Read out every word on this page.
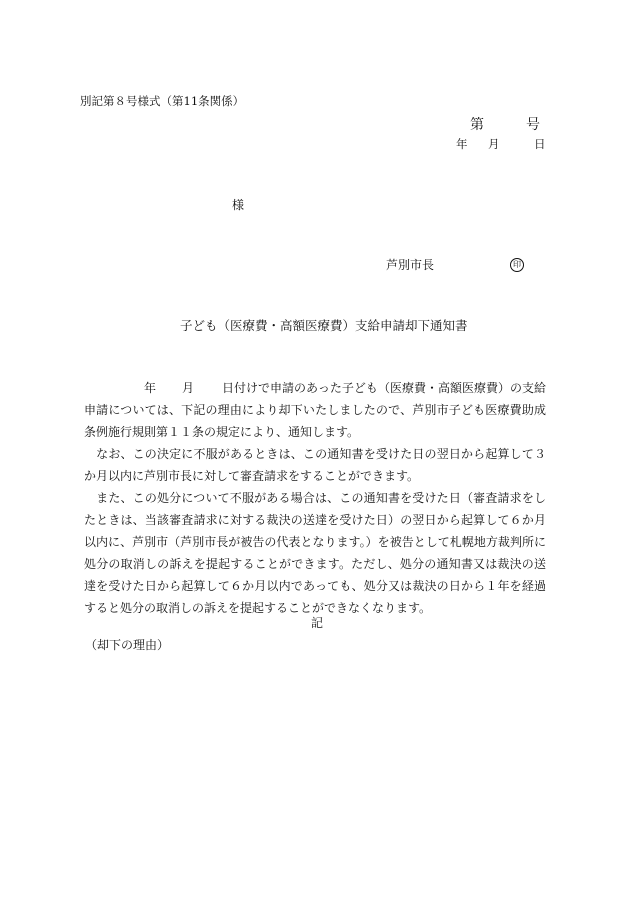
別記第８号様式（第11条関係）
第	号
年 月	日
様
芦別市長	印
子ども（医療費・高額医療費）支給申請却下通知書

年 月 日付けで申請のあった子ども（医療費・高額医療費）の支給申請については、下記の理由により却下いたしましたので、芦別市子ども医療費助成条例施行規則第１１条の規定により、通知します。

　なお、この決定に不服があるときは、この通知書を受けた日の翌日から起算して３か月以内に芦別市長に対して審査請求をすることができます。

　また、この処分について不服がある場合は、この通知書を受けた日（審査請求をしたときは、当該審査請求に対する裁決の送達を受けた日）の翌日から起算して６か月以内に、芦別市（芦別市長が被告の代表となります。）を被告として札幌地方裁判所に処分の取消しの訴えを提起することができます。ただし、処分の通知書又は裁決の送達を受けた日から起算して６か月以内であっても、処分又は裁決の日から１年を経過すると処分の取消しの訴えを提起することができなくなります。

記
（却下の理由）
